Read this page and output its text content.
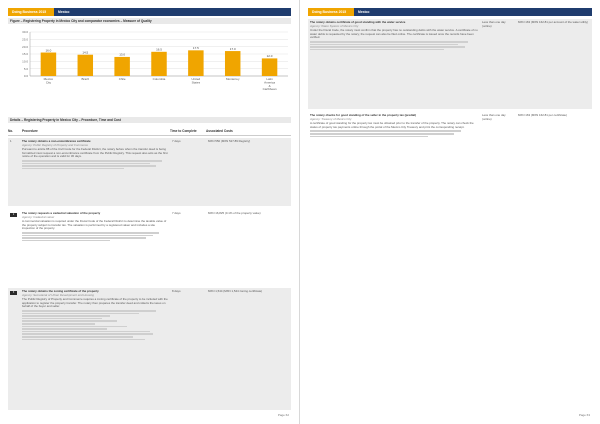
Doing Business 2015	Mexico
Figure – Registering Property in Mexico City and comparator economies – Measure of Quality
30.0
25.0
20.0
15.0
10.0
5.0
0.0
16.0
Mexico City
14.5
Brazil
13.0
Chile
16.5
Colombia
17.5
United States
17.0
Monterrey
12.0
Latin America & Caribbean
Details – Registering Property in Mexico City – Procedure, Time and Cost
No.	Procedure	Time to Complete	Associated Costs
1	The notary obtains a non-encumbrance certificate
Agency: Public Registry of Property and Commerce
Pursuant to article 88 of the Civil Code for the Federal District, the notary before whom the transfer deed is being formalized must request a non-encumbrance certificate from the Public Registry. This request also acts as the first notice of the operation and is valid for 30 days.
7 days	MXN 550 (MXN 527.89 Registry)
2	The notary requests a cadastral valuation of the property
Agency: Cadastral valuer
A commercial valuation is required under the Fiscal Code of the Federal District to determine the taxable value of the property subject to transfer tax. The valuation is performed by a registered valuer and includes a site inspection of the property.
7 days	MXN 16,825 (0.1% of the property value)
3	The notary obtains the zoning certificate of the property
Agency: Secretariat of Urban Development and Housing
The Public Registry of Property and Commerce requires a zoning certificate of the property to be included with the application to register the property transfer. The notary then prepares the transfer deed and collects the taxes on behalf of the buyer and seller.
8 days	MXN 1,544 (MXN 1,544 zoning certificate)
Page 62
Doing Business 2015	Mexico
The notary obtains certificate of good standing with the water service
Agency: Water System of Mexico City
Under the Fiscal Code, the notary must confirm that the property has no outstanding debts with the water service. A certificate of no water debts is requested by the notary; the request can also be filed online. The certificate is issued once the records have been verified.
Less than one day (online)
MXN 163 (MXN 162.81 per account of the water utility)
The notary checks for good standing of the seller in the property tax (predial)
Agency: Treasury of Mexico City
A certificate of good standing for the property tax must be obtained prior to the transfer of the property. The notary can check the status of property tax payments online through the portal of the Mexico City Treasury and print the corresponding receipt.
Less than one day (online)
MXN 163 (MXN 162.81 per certificate)
Page 63
